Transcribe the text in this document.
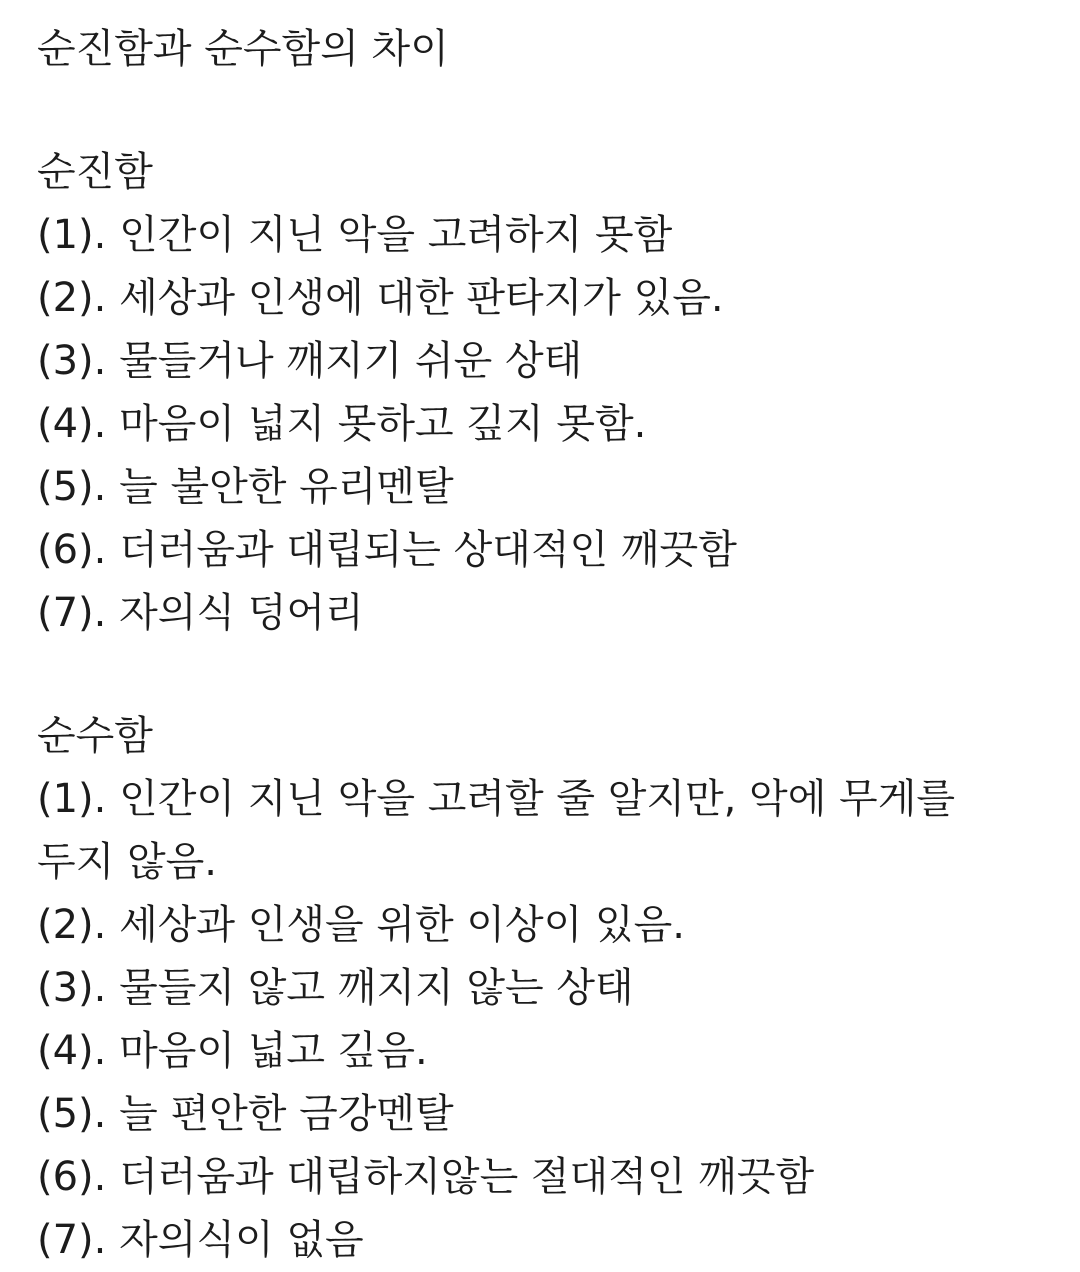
순진함과 순수함의 차이
순진함
(1). 인간이 지닌 악을 고려하지 못함
(2). 세상과 인생에 대한 판타지가 있음.
(3). 물들거나 깨지기 쉬운 상태
(4). 마음이 넓지 못하고 깊지 못함.
(5). 늘 불안한 유리멘탈
(6). 더러움과 대립되는 상대적인 깨끗함
(7). 자의식 덩어리
순수함
(1). 인간이 지닌 악을 고려할 줄 알지만, 악에 무게를
두지 않음.
(2). 세상과 인생을 위한 이상이 있음.
(3). 물들지 않고 깨지지 않는 상태
(4). 마음이 넓고 깊음.
(5). 늘 편안한 금강멘탈
(6). 더러움과 대립하지않는 절대적인 깨끗함
(7). 자의식이 없음
